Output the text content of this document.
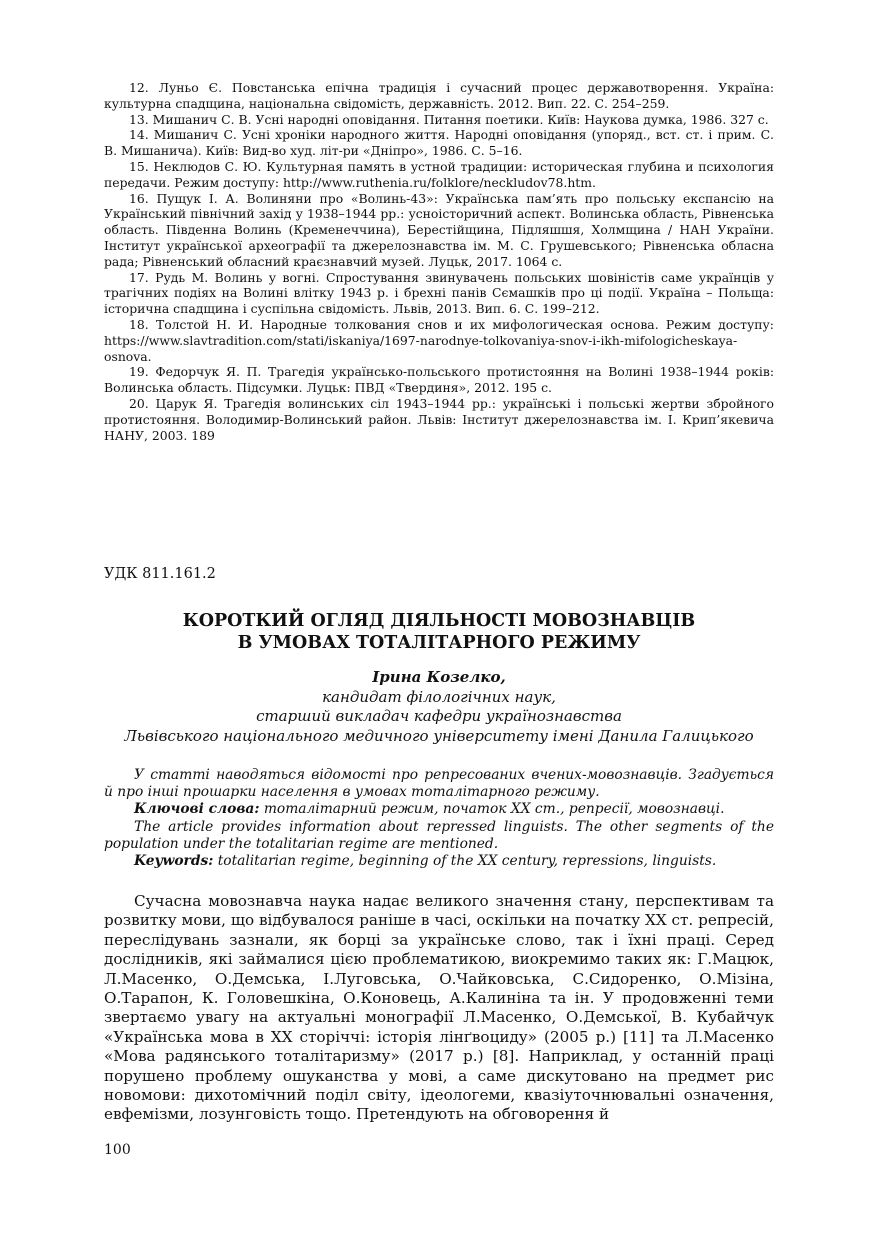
12. Луньо Є. Повстанська епічна традиція і сучасний процес державотворення. Україна: культурна спадщина, національна свідомість, державність. 2012. Вип. 22. С. 254–259.

13. Мишанич С. В. Усні народні оповідання. Питання поетики. Київ: Наукова думка, 1986. 327 с.

14. Мишанич С. Усні хроніки народного життя. Народні оповідання (упоряд., вст. ст. і прим. С. В. Мишанича). Київ: Вид-во худ. літ-ри «Дніпро», 1986. С. 5–16.

15. Неклюдов С. Ю. Культурная память в устной традиции: историческая глубина и психология передачи. Режим доступу: http://www.ruthenia.ru/folklore/neckludov78.htm.

16. Пущук І. А. Волиняни про «Волинь-43»: Українська пам’ять про польську експансію на Український північний захід у 1938–1944 рр.: усноісторичний аспект. Волинська область, Рівненська область. Південна Волинь (Кременеччина), Берестійщина, Підляшшя, Холмщина / НАН України. Інститут української археографії та джерелознавства ім. М. С. Грушевського; Рівненська обласна рада; Рівненський обласний краєзнавчий музей. Луцьк, 2017. 1064 с.

17. Рудь М. Волинь у вогні. Спростування звинувачень польських шовіністів саме українців у трагічних подіях на Волині влітку 1943 р. і брехні панів Сємашків про ці події. Україна – Польща: історична спадщина і суспільна свідомість. Львів, 2013. Вип. 6. С. 199–212.

18. Толстой Н. И. Народные толкования снов и их мифологическая основа. Режим доступу: https://www.slavtradition.com/stati/iskaniya/1697-narodnye-tolkovaniya-snov-i-ikh-mifologicheskaya-osnova.

19. Федорчук Я. П. Трагедія українсько-польського протистояння на Волині 1938–1944 років: Волинська область. Підсумки. Луцьк: ПВД «Твердиня», 2012. 195 с.

20. Царук Я. Трагедія волинських сіл 1943–1944 рр.: українські і польські жертви збройного протистояння. Володимир-Волинський район. Львів: Інститут джерелознавства ім. І. Крип’якевича НАНУ, 2003. 189

УДК 811.161.2
КОРОТКИЙ ОГЛЯД ДІЯЛЬНОСТІ МОВОЗНАВЦІВ
В УМОВАХ ТОТАЛІТАРНОГО РЕЖИМУ
Ірина Козелко,
кандидат філологічних наук,
старший викладач кафедри українознавства
Львівського національного медичного університету імені Данила Галицького

У статті наводяться відомості про репресованих вчених-мовознавців. Згадується й про інші прошарки населення в умовах тоталітарного режиму.

Ключові слова: тоталітарний режим, початок ХХ ст., репресії, мовознавці.

The article provides information about repressed linguists. The other segments of the population under the totalitarian regime are mentioned.

Keywords: totalitarian regime, beginning of the XX century, repressions, linguists.

Сучасна мовознавча наука надає великого значення стану, перспективам та розвитку мови, що відбувалося раніше в часі, оскільки на початку ХХ ст. репресій, переслідувань зазнали, як борці за українське слово, так і їхні праці. Серед дослідників, які займалися цією проблематикою, виокремимо таких як: Г.Мацюк, Л.Масенко, О.Демська, І.Луговська, О.Чайковська, С.Сидоренко, О.Мізіна, О.Тарапон, К. Головешкіна, О.Коновець, А.Калиніна та ін. У продовженні теми звертаємо увагу на актуальні монографії Л.Масенко, О.Демської, В. Кубайчук «Українська мова в ХХ сторіччі: історія лінґвоциду» (2005 р.) [11] та Л.Масенко «Мова радянського тоталітаризму» (2017 р.) [8]. Наприклад, у останній праці порушено проблему ошуканства у мові, а саме дискутовано на предмет рис новомови: дихотомічний поділ світу, ідеологеми, квазіуточнювальні означення, евфемізми, лозунговість тощо. Претендують на обговорення й

100
